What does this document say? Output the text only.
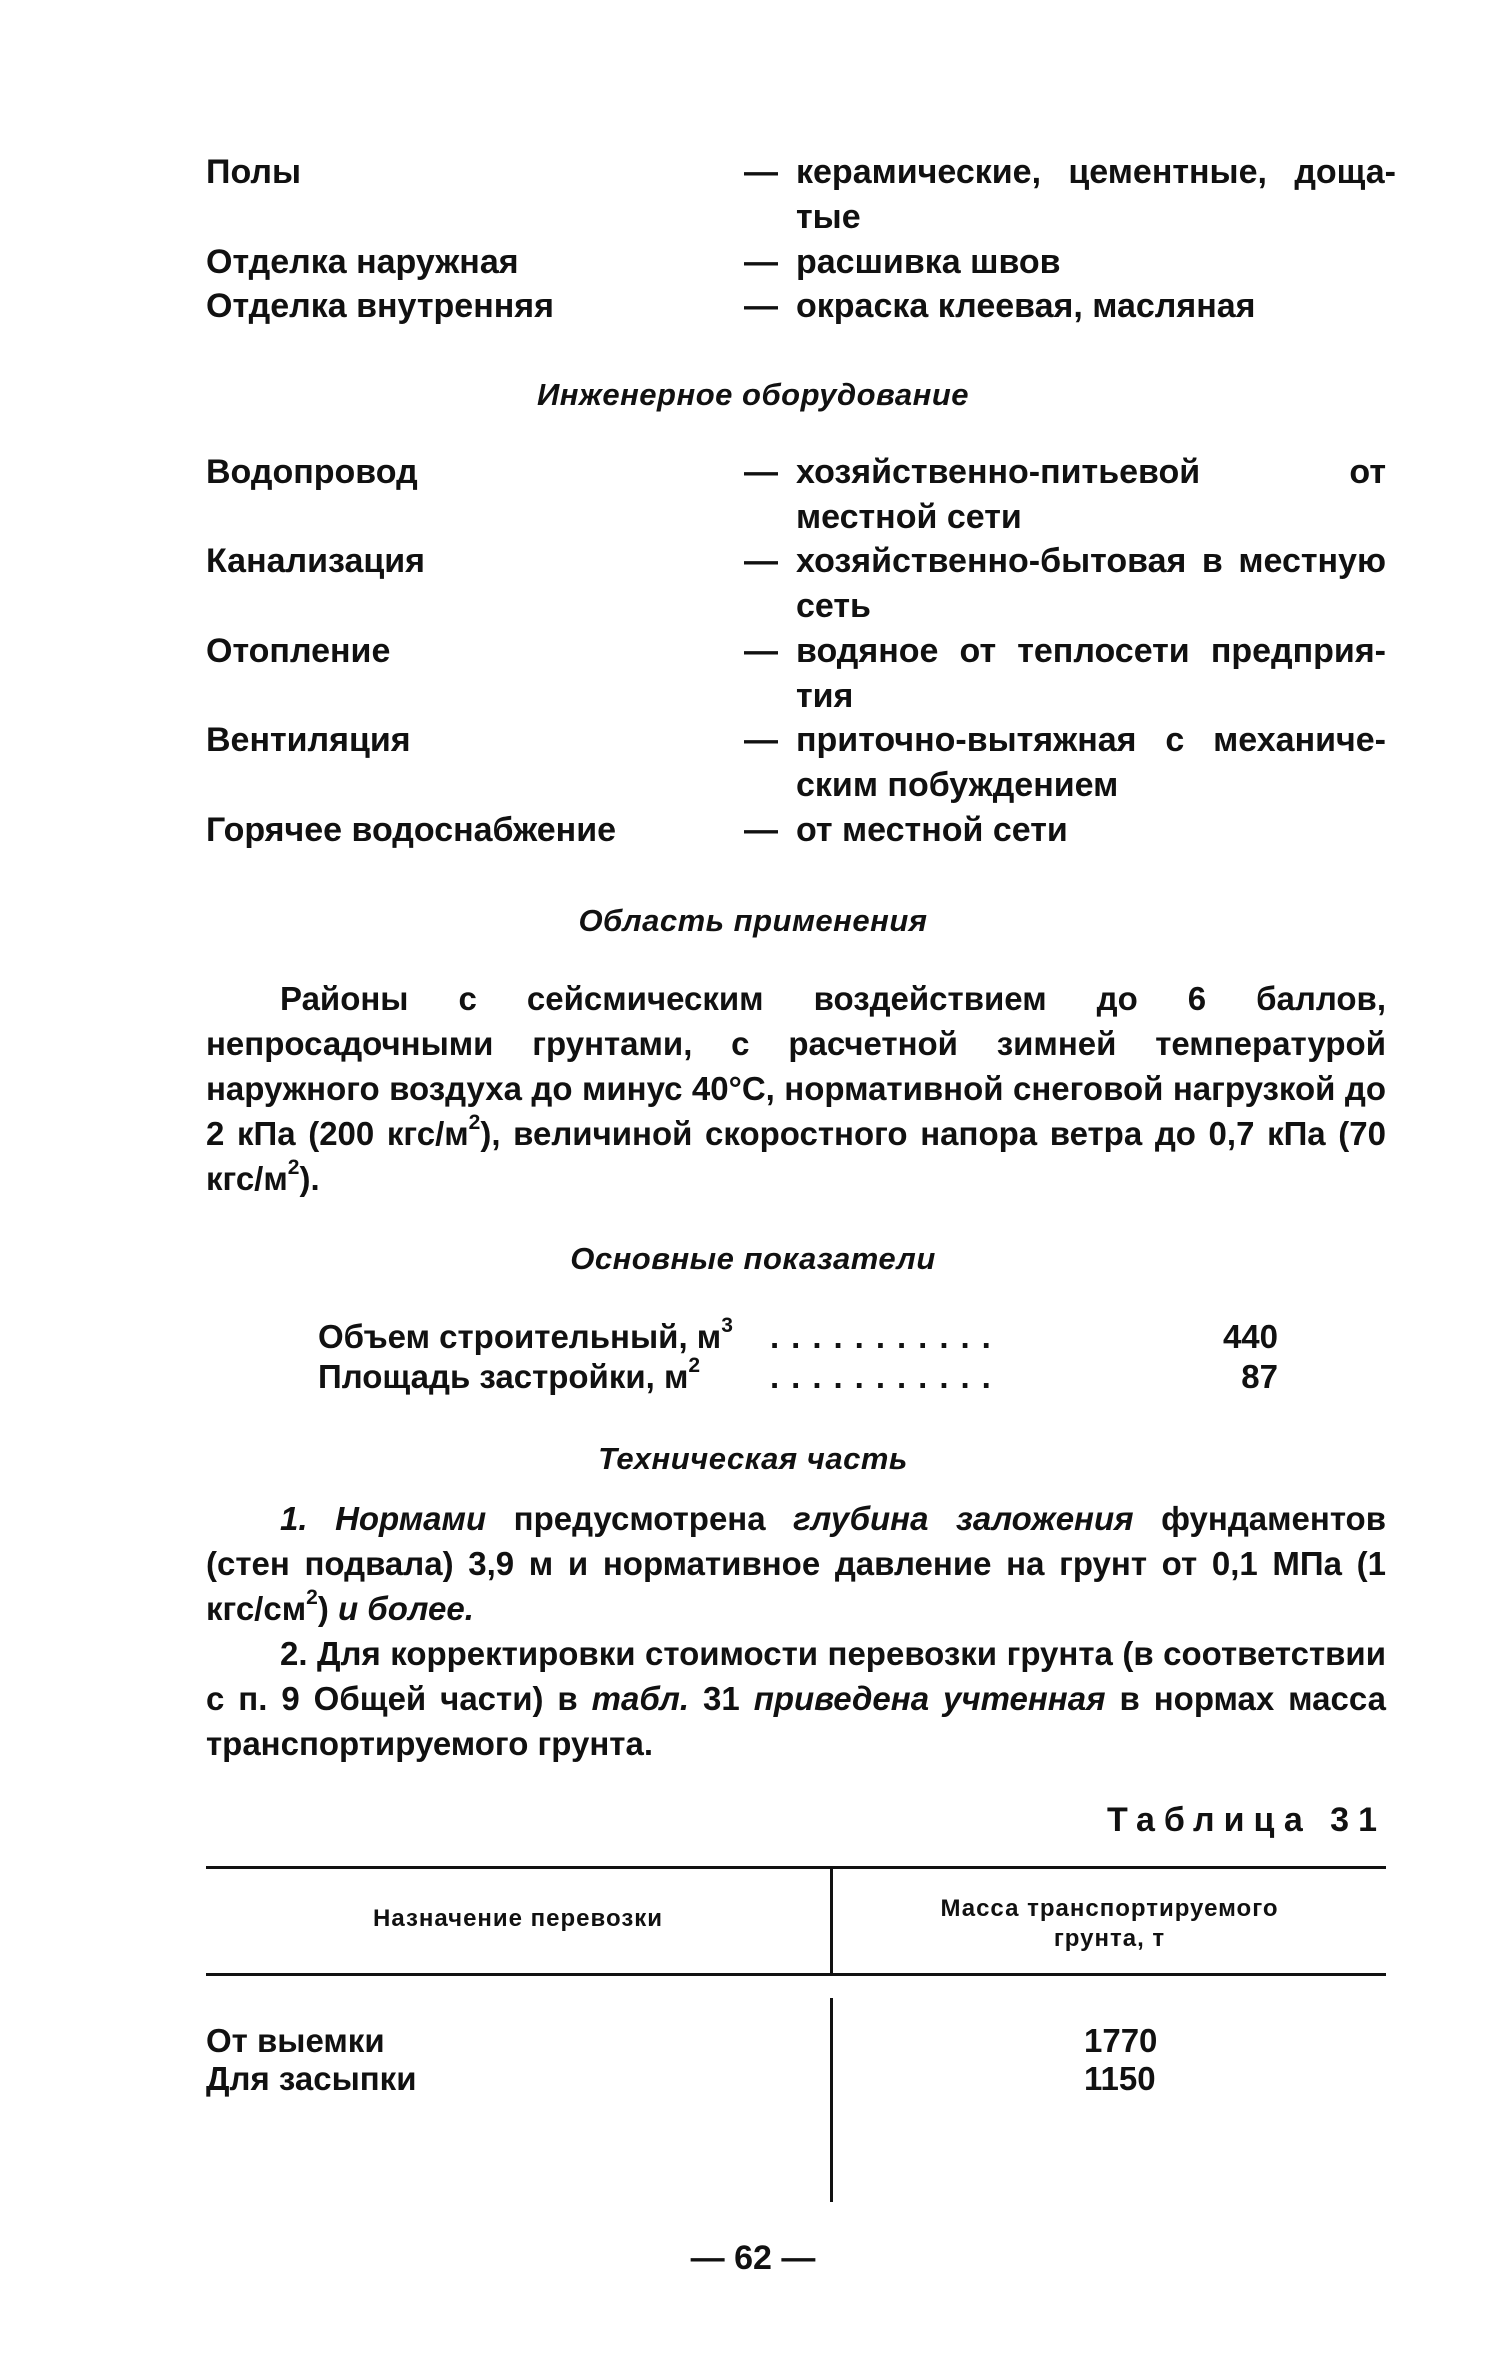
Полы	— керамические, цементные, доща-тые
Отделка наружная	— расшивка швов
Отделка внутренняя	— окраска клеевая, масляная
Инженерное оборудование
Водопровод	— хозяйственно-питьевой от местной сети
Канализация	— хозяйственно-бытовая в местную сеть
Отопление	— водяное от теплосети предприя-тия
Вентиляция	— приточно-вытяжная с механиче-ским побуждением
Горячее водоснабжение	— от местной сети
Область применения
Районы с сейсмическим воздействием до 6 баллов, непросадочными грунтами, с расчетной зимней температурой наружного воздуха до минус 40°С, нормативной снеговой нагрузкой до 2 кПа (200 кгс/$м^2$), величиной скоростного напора ветра до 0,7 кПа (70 кгс/$м^2$).
Основные показатели
Объем строительный, $м^3$ ...........	440
Площадь застройки, $м^2$ ...........	87
Техническая часть
1. Нормами предусмотрена глубина заложения фундаментов (стен подвала) 3,9 м и нормативное давление на грунт от 0,1 МПа (1 кгс/$см^2$) и более.
2. Для корректировки стоимости перевозки грунта (в соответствии с п. 9 Общей части) в табл. 31 приведена учтенная в нормах масса транспортируемого грунта.
Таблица 31
Назначение перевозки	Масса транспортируемого
грунта, т
От выемки	1770
Для засыпки	1150
— 62 —
